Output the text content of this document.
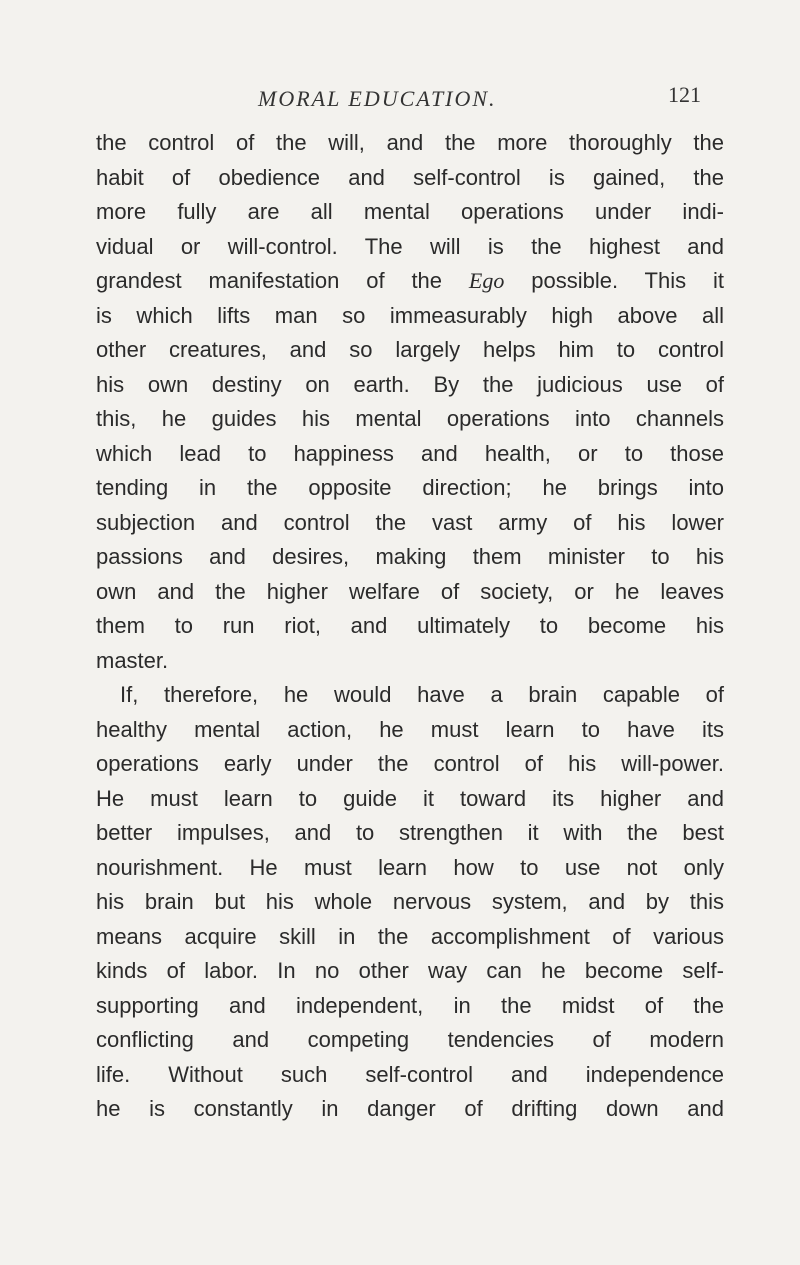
MORAL EDUCATION.	121
the control of the will, and the more thoroughly the
habit of obedience and self-control is gained, the
more fully are all mental operations under indi-
vidual or will-control. The will is the highest and
grandest manifestation of the Ego possible. This it
is which lifts man so immeasurably high above all
other creatures, and so largely helps him to control
his own destiny on earth. By the judicious use of
this, he guides his mental operations into channels
which lead to happiness and health, or to those
tending in the opposite direction; he brings into
subjection and control the vast army of his lower
passions and desires, making them minister to his
own and the higher welfare of society, or he leaves
them to run riot, and ultimately to become his
master.
If, therefore, he would have a brain capable of
healthy mental action, he must learn to have its
operations early under the control of his will-power.
He must learn to guide it toward its higher and
better impulses, and to strengthen it with the best
nourishment. He must learn how to use not only
his brain but his whole nervous system, and by this
means acquire skill in the accomplishment of various
kinds of labor. In no other way can he become self-
supporting and independent, in the midst of the
conflicting and competing tendencies of modern
life. Without such self-control and independence
he is constantly in danger of drifting down and
